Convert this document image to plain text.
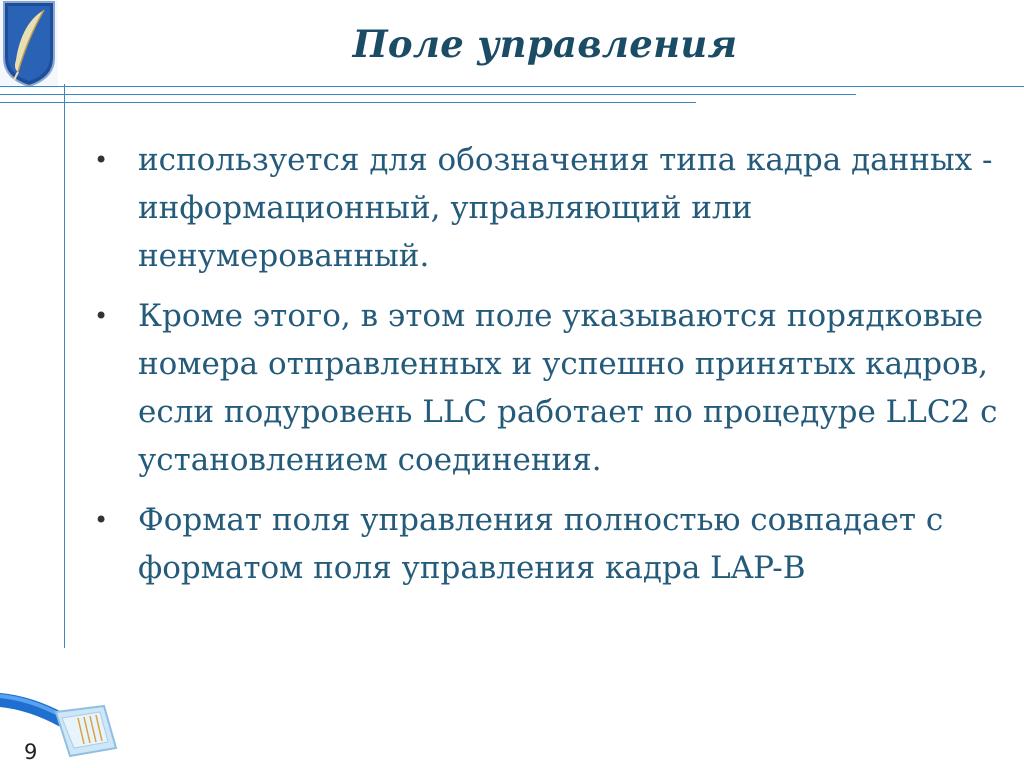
Поле управления
• используется для обозначения типа кадра данных - информационный, управляющий или ненумерованный.
• Кроме этого, в этом поле указываются порядковые номера отправленных и успешно принятых кадров, если подуровень LLC работает по процедуре LLC2 с установлением соединения.
• Формат поля управления полностью совпадает с форматом поля управления кадра LAP-B
9
